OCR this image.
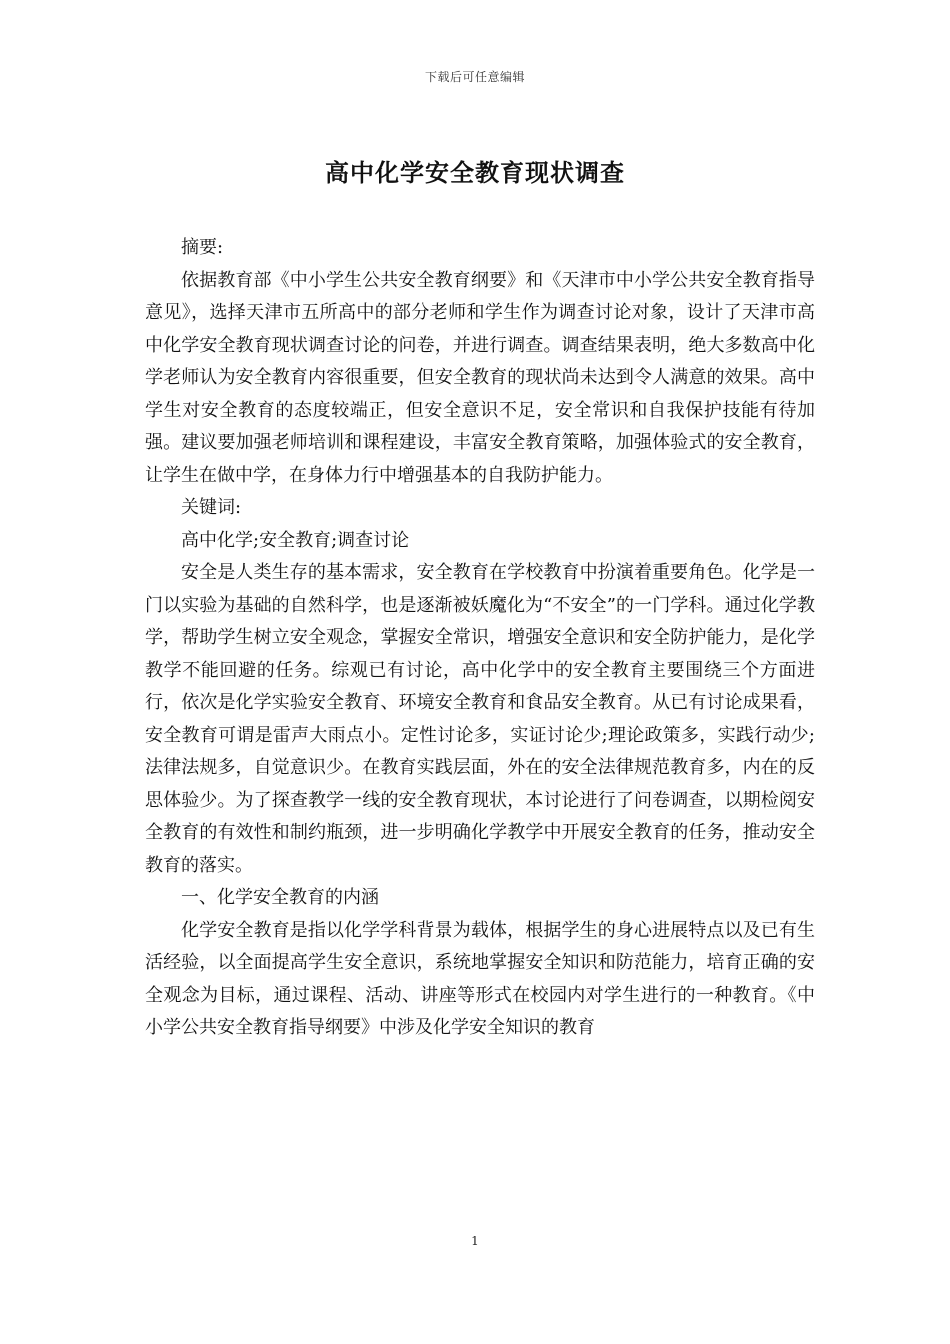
下载后可任意编辑
高中化学安全教育现状调查

摘要:

依据教育部《中小学生公共安全教育纲要》和《天津市中小学公共安全教育指导意见》，选择天津市五所高中的部分老师和学生作为调查讨论对象，设计了天津市高中化学安全教育现状调查讨论的问卷，并进行调查。调查结果表明，绝大多数高中化学老师认为安全教育内容很重要，但安全教育的现状尚未达到令人满意的效果。高中学生对安全教育的态度较端正，但安全意识不足，安全常识和自我保护技能有待加强。建议要加强老师培训和课程建设，丰富安全教育策略，加强体验式的安全教育，让学生在做中学，在身体力行中增强基本的自我防护能力。

关键词:

高中化学;安全教育;调查讨论

安全是人类生存的基本需求，安全教育在学校教育中扮演着重要角色。化学是一门以实验为基础的自然科学，也是逐渐被妖魔化为“不安全”的一门学科。通过化学教学，帮助学生树立安全观念，掌握安全常识，增强安全意识和安全防护能力，是化学教学不能回避的任务。综观已有讨论，高中化学中的安全教育主要围绕三个方面进行，依次是化学实验安全教育、环境安全教育和食品安全教育。从已有讨论成果看，安全教育可谓是雷声大雨点小。定性讨论多，实证讨论少;理论政策多，实践行动少;法律法规多，自觉意识少。在教育实践层面，外在的安全法律规范教育多，内在的反思体验少。为了探查教学一线的安全教育现状，本讨论进行了问卷调查，以期检阅安全教育的有效性和制约瓶颈，进一步明确化学教学中开展安全教育的任务，推动安全教育的落实。

一、化学安全教育的内涵

化学安全教育是指以化学学科背景为载体，根据学生的身心进展特点以及已有生活经验，以全面提高学生安全意识，系统地掌握安全知识和防范能力，培育正确的安全观念为目标，通过课程、活动、讲座等形式在校园内对学生进行的一种教育。《中小学公共安全教育指导纲要》中涉及化学安全知识的教育

1
